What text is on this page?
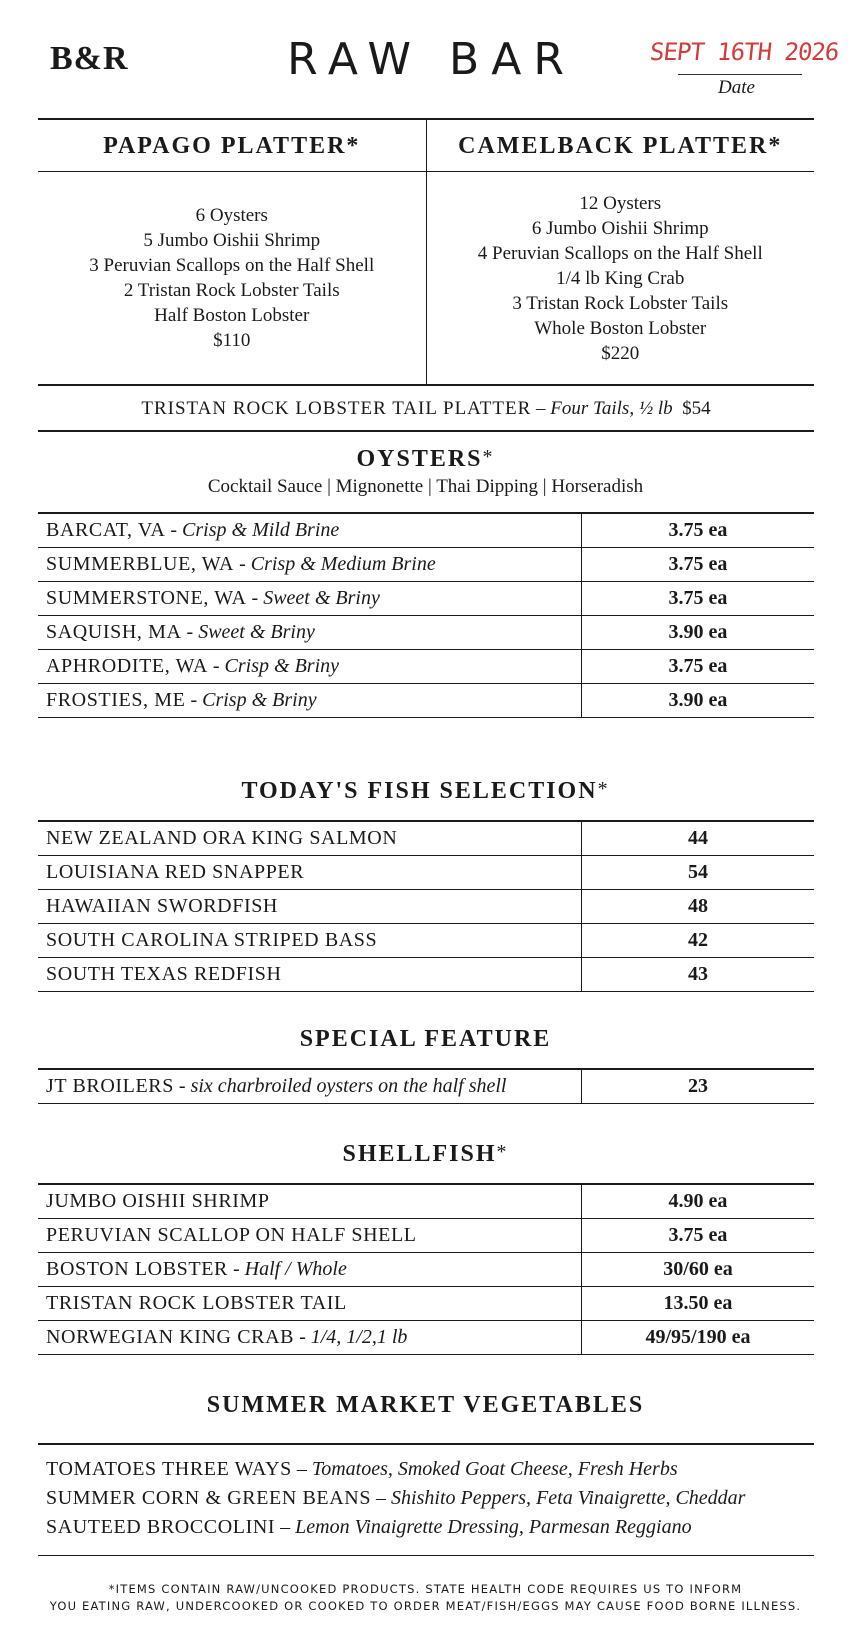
B&R	RAW BAR	SEPT 16TH 2026
Date
PAPAGO PLATTER*
6 Oysters
5 Jumbo Oishii Shrimp
3 Peruvian Scallops on the Half Shell
2 Tristan Rock Lobster Tails
Half Boston Lobster
$110
CAMELBACK PLATTER*
12 Oysters
6 Jumbo Oishii Shrimp
4 Peruvian Scallops on the Half Shell
1/4 lb King Crab
3 Tristan Rock Lobster Tails
Whole Boston Lobster
$220
TRISTAN ROCK LOBSTER TAIL PLATTER – Four Tails, ½ lb $54
OYSTERS*
Cocktail Sauce | Mignonette | Thai Dipping | Horseradish
BARCAT, VA - Crisp & Mild Brine	3.75 ea
SUMMERBLUE, WA - Crisp & Medium Brine	3.75 ea
SUMMERSTONE, WA - Sweet & Briny	3.75 ea
SAQUISH, MA - Sweet & Briny	3.90 ea
APHRODITE, WA - Crisp & Briny	3.75 ea
FROSTIES, ME - Crisp & Briny	3.90 ea
TODAY'S FISH SELECTION*
NEW ZEALAND ORA KING SALMON	44
LOUISIANA RED SNAPPER	54
HAWAIIAN SWORDFISH	48
SOUTH CAROLINA STRIPED BASS	42
SOUTH TEXAS REDFISH	43
SPECIAL FEATURE
JT BROILERS - six charbroiled oysters on the half shell	23
SHELLFISH*
JUMBO OISHII SHRIMP	4.90 ea
PERUVIAN SCALLOP ON HALF SHELL	3.75 ea
BOSTON LOBSTER - Half / Whole	30/60 ea
TRISTAN ROCK LOBSTER TAIL	13.50 ea
NORWEGIAN KING CRAB - 1/4, 1/2,1 lb	49/95/190 ea
SUMMER MARKET VEGETABLES
TOMATOES THREE WAYS – Tomatoes, Smoked Goat Cheese, Fresh Herbs
SUMMER CORN & GREEN BEANS – Shishito Peppers, Feta Vinaigrette, Cheddar
SAUTEED BROCCOLINI – Lemon Vinaigrette Dressing, Parmesan Reggiano
*ITEMS CONTAIN RAW/UNCOOKED PRODUCTS. STATE HEALTH CODE REQUIRES US TO INFORM
YOU EATING RAW, UNDERCOOKED OR COOKED TO ORDER MEAT/FISH/EGGS MAY CAUSE FOOD BORNE ILLNESS.
